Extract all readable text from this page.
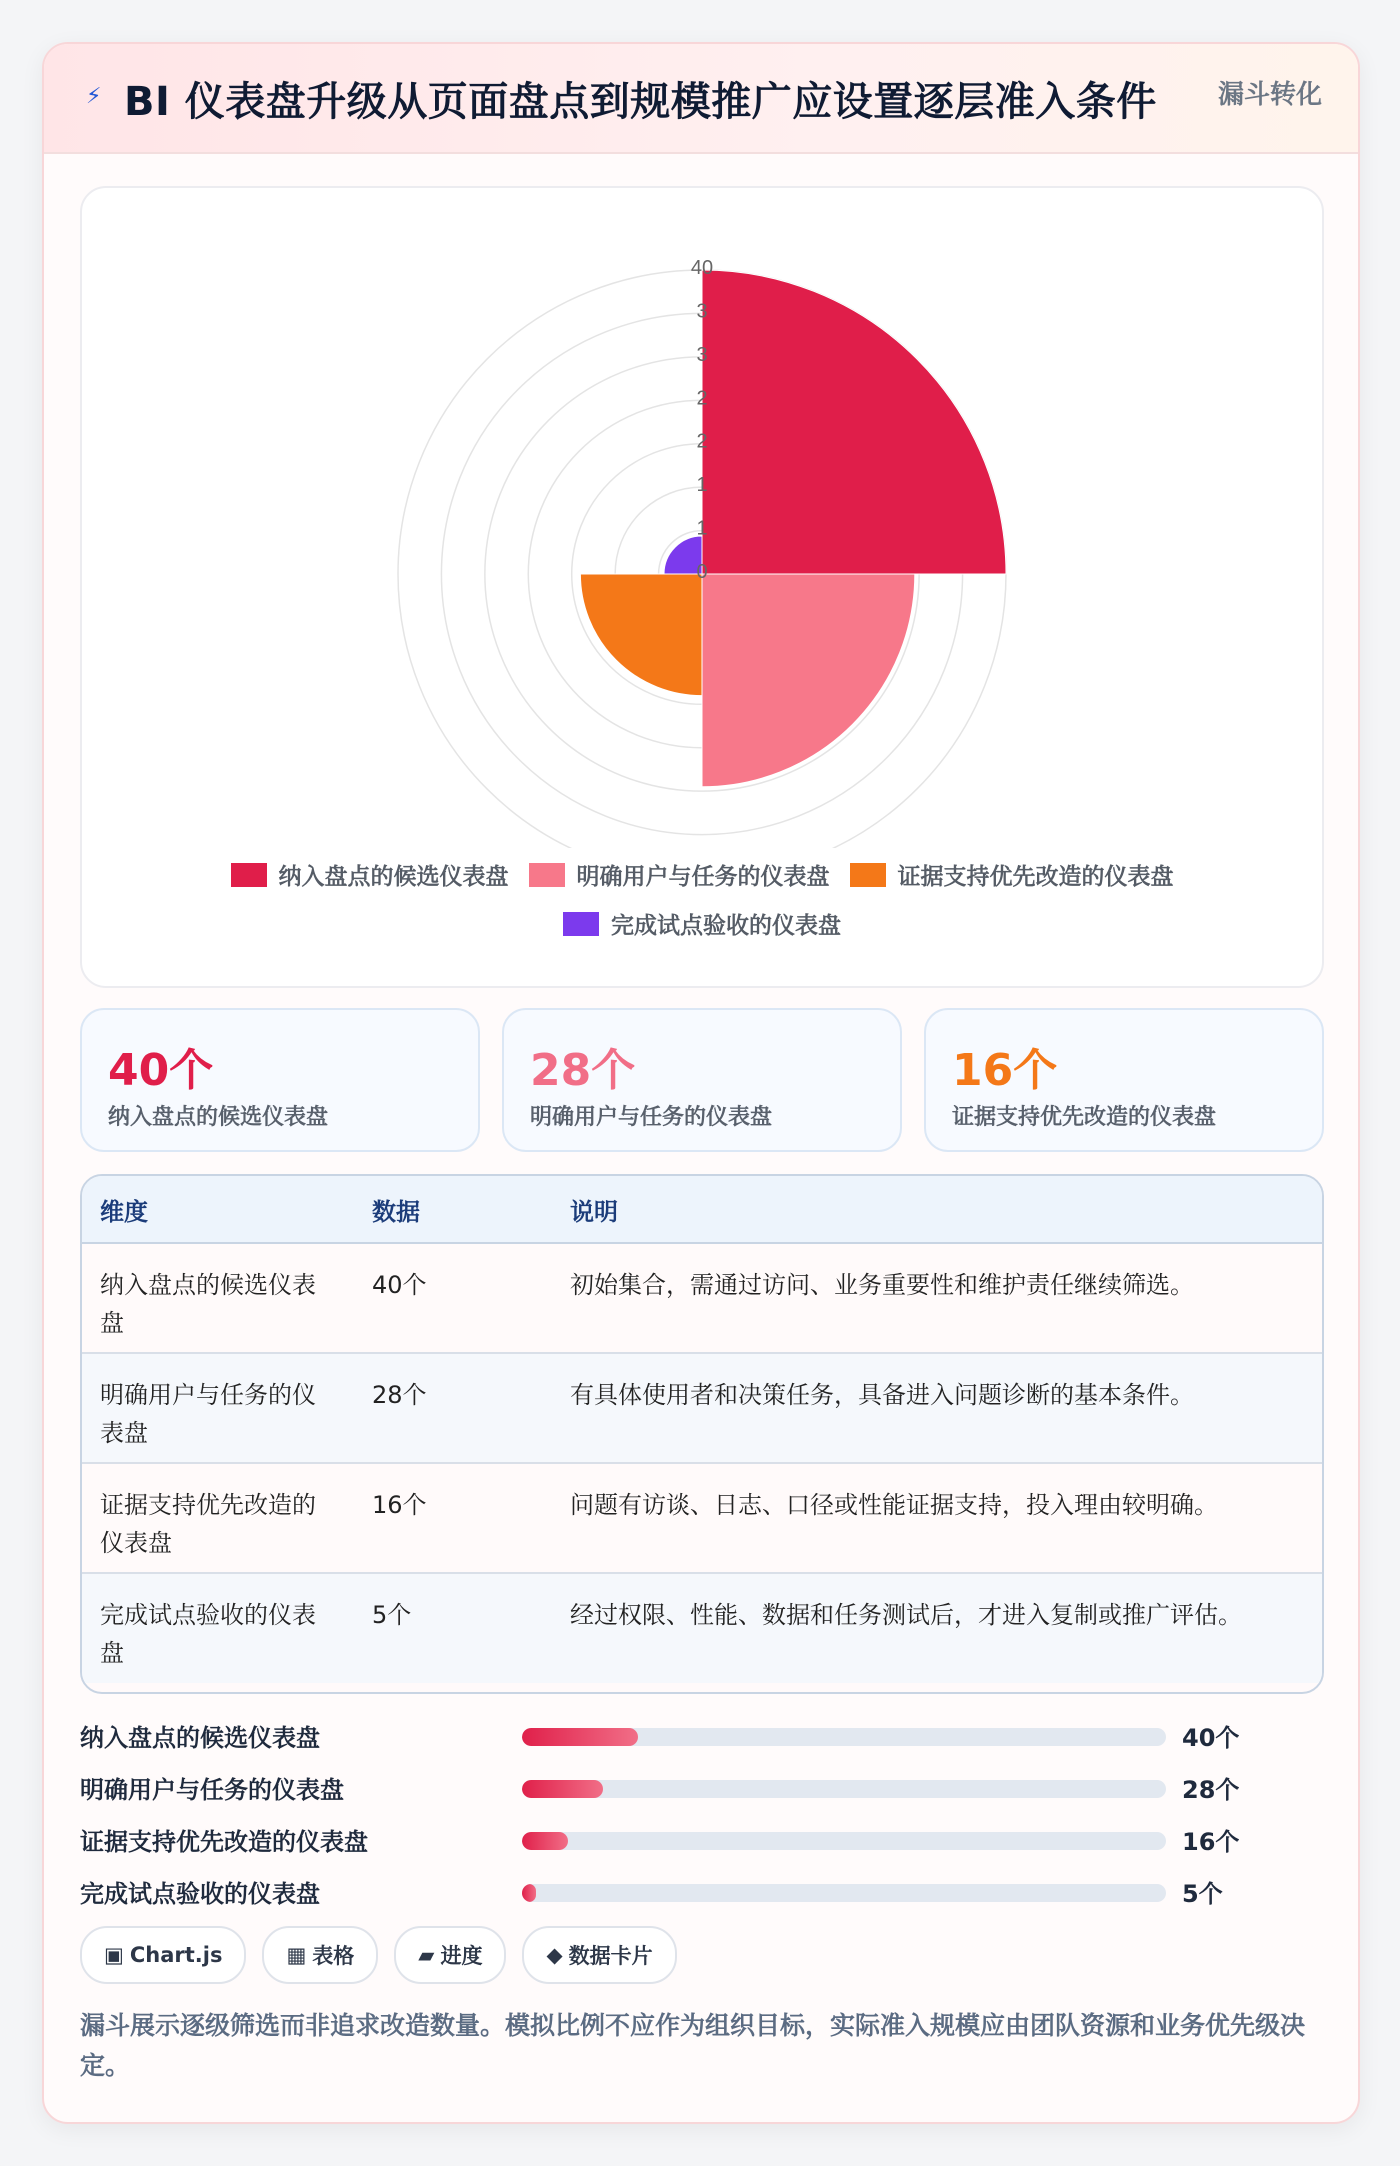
⚡ BI 仪表盘升级从页面盘点到规模推广应设置逐层准入条件 漏斗转化
0
1
1
2
2
3
3
40
纳入盘点的候选仪表盘	明确用户与任务的仪表盘	证据支持优先改造的仪表盘
完成试点验收的仪表盘
40个
纳入盘点的候选仪表盘
28个
明确用户与任务的仪表盘
16个
证据支持优先改造的仪表盘
维度	数据	说明
纳入盘点的候选仪表盘	40个	初始集合，需通过访问、业务重要性和维护责任继续筛选。
明确用户与任务的仪表盘	28个	有具体使用者和决策任务，具备进入问题诊断的基本条件。
证据支持优先改造的仪表盘	16个	问题有访谈、日志、口径或性能证据支持，投入理由较明确。
完成试点验收的仪表盘	5个	经过权限、性能、数据和任务测试后，才进入复制或推广评估。
纳入盘点的候选仪表盘	40个
明确用户与任务的仪表盘	28个
证据支持优先改造的仪表盘	16个
完成试点验收的仪表盘	5个
▣ Chart.js	▦ 表格	▰ 进度	◆ 数据卡片
漏斗展示逐级筛选而非追求改造数量。模拟比例不应作为组织目标，实际准入规模应由团队资源和业务优先级决定。
